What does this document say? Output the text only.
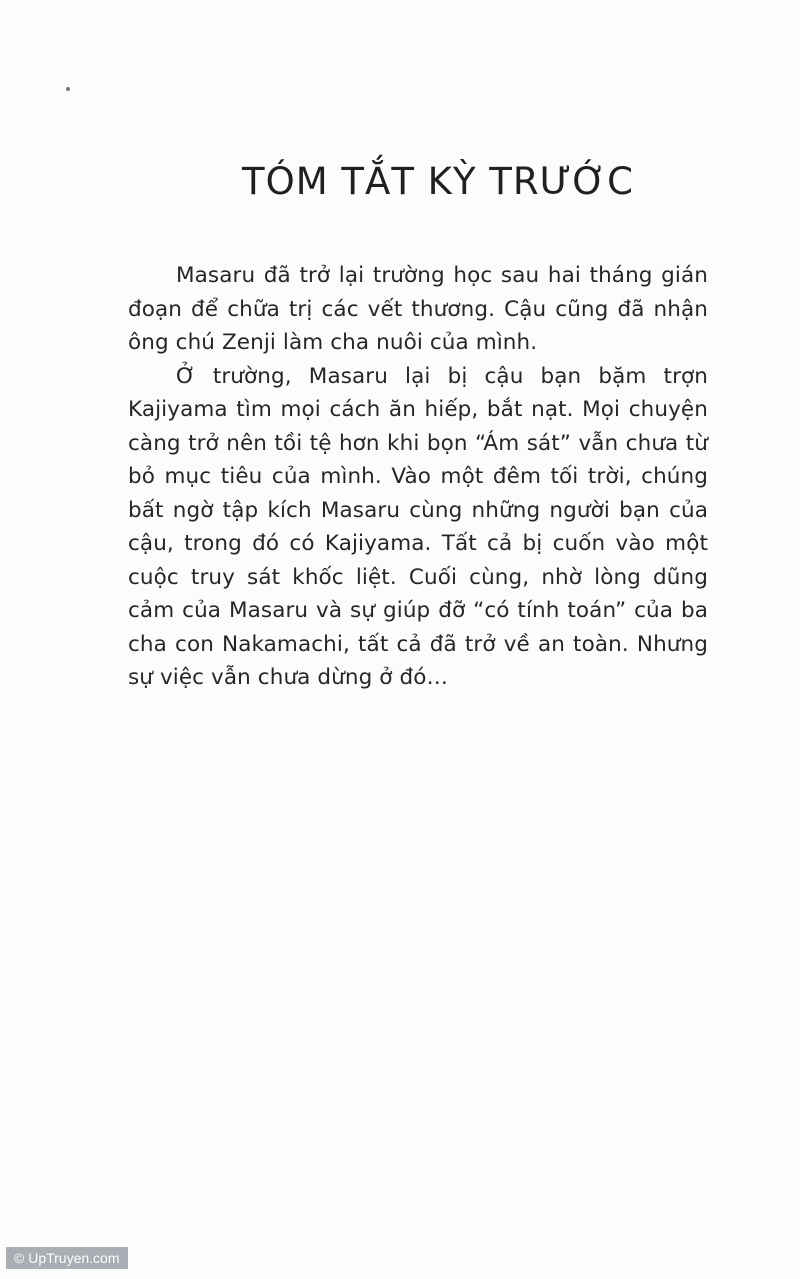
TÓM TẮT KỲ TRƯỚC

Masaru đã trở lại trường học sau hai tháng gián đoạn để chữa trị các vết thương. Cậu cũng đã nhận ông chú Zenji làm cha nuôi của mình.

Ở trường, Masaru lại bị cậu bạn bặm trợn Kajiyama tìm mọi cách ăn hiếp, bắt nạt. Mọi chuyện càng trở nên tồi tệ hơn khi bọn “Ám sát” vẫn chưa từ bỏ mục tiêu của mình. Vào một đêm tối trời, chúng bất ngờ tập kích Masaru cùng những người bạn của cậu, trong đó có Kajiyama. Tất cả bị cuốn vào một cuộc truy sát khốc liệt. Cuối cùng, nhờ lòng dũng cảm của Masaru và sự giúp đỡ “có tính toán” của ba cha con Nakamachi, tất cả đã trở về an toàn. Nhưng sự việc vẫn chưa dừng ở đó…

© UpTruyen.com
